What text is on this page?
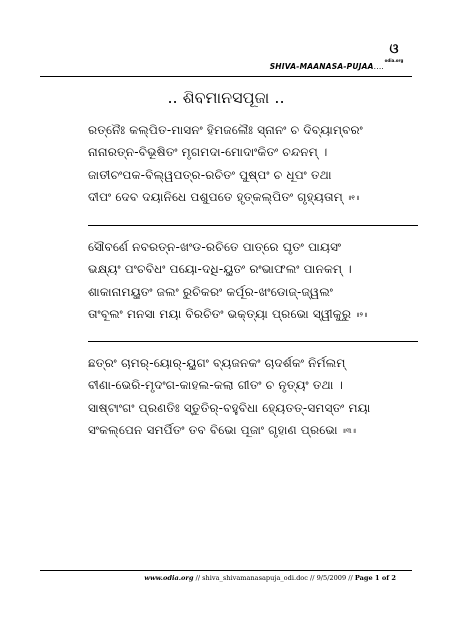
SHIVA-MAANASA-PUJAA....
ଓ
odia.org
.. ଶିବମାନସପୂଜା ..
ରତ୍ନୈଃ କଲ୍ପିତ-ମାସନଂ ହିମଜଲୈଃ ସ୍ନାନଂ ଚ ଦିବ୍ୟାମ୍ବରଂ
ନାନାରତ୍ନ-ବିଭୂଷିତଂ ମୃଗମଦା-ମୋଦାଂକିତଂ ଚନ୍ଦନମ୍ ।
ଜାତୀଚଂପକ-ବିଲ୍ୱପତ୍ର-ରଚିତଂ ପୁଷ୍ପଂ ଚ ଧୂପଂ ତଥା
ଦୀପଂ ଦେବ ଦୟାନିଧେ ପଶୁପତେ ହୃତ୍କଲ୍ପିତଂ ଗୃହ୍ୟତାମ୍ ॥୧॥
ସୌବର୍ଣେ ନବରତ୍ନ-ଖଂଡ-ରଚିତେ ପାତ୍ରେ ଘୃତଂ ପାୟସଂ
ଭକ୍ଷ୍ୟଂ ପଂଚବିଧଂ ପୟୋ-ଦଧି-ୟୁତଂ ରଂଭାଫଲଂ ପାନକମ୍ ।
ଶାକାନାମୟୁତଂ ଜଲଂ ରୁଚିକରଂ କର୍ପୂର-ଖଂଡୋଜ୍-ଜ୍ୱଲଂ
ତାଂବୂଲଂ ମନସା ମୟା ବିରଚିତଂ ଭକ୍ତ୍ୟା ପ୍ରଭୋ ସ୍ୱୀକୁରୁ ॥୨॥
ଛତ୍ରଂ ଚାମର୍-ୟୋର୍-ୟୁଗଂ ବ୍ୟଜନକଂ ଚାଦର୍ଶକଂ ନିର୍ମଲମ୍
ବୀଣା-ଭେରି-ମୃଦଂଗ-କାହଲ-କଲା ଗୀତଂ ଚ ନୃତ୍ୟଂ ତଥା ।
ସାଷ୍ଟାଂଗଂ ପ୍ରଣତିଃ ସ୍ତୁତିର୍-ବହୁବିଧା ହ୍ୟେତତ୍-ସମସ୍ତଂ ମୟା
ସଂକଲ୍ପେନ ସମର୍ପିତଂ ତବ ବିଭୋ ପୂଜାଂ ଗୃହାଣ ପ୍ରଭୋ ॥୩॥
www.odia.org // shiva_shivamanasapuja_odi.doc // 9/5/2009 // Page 1 of 2
